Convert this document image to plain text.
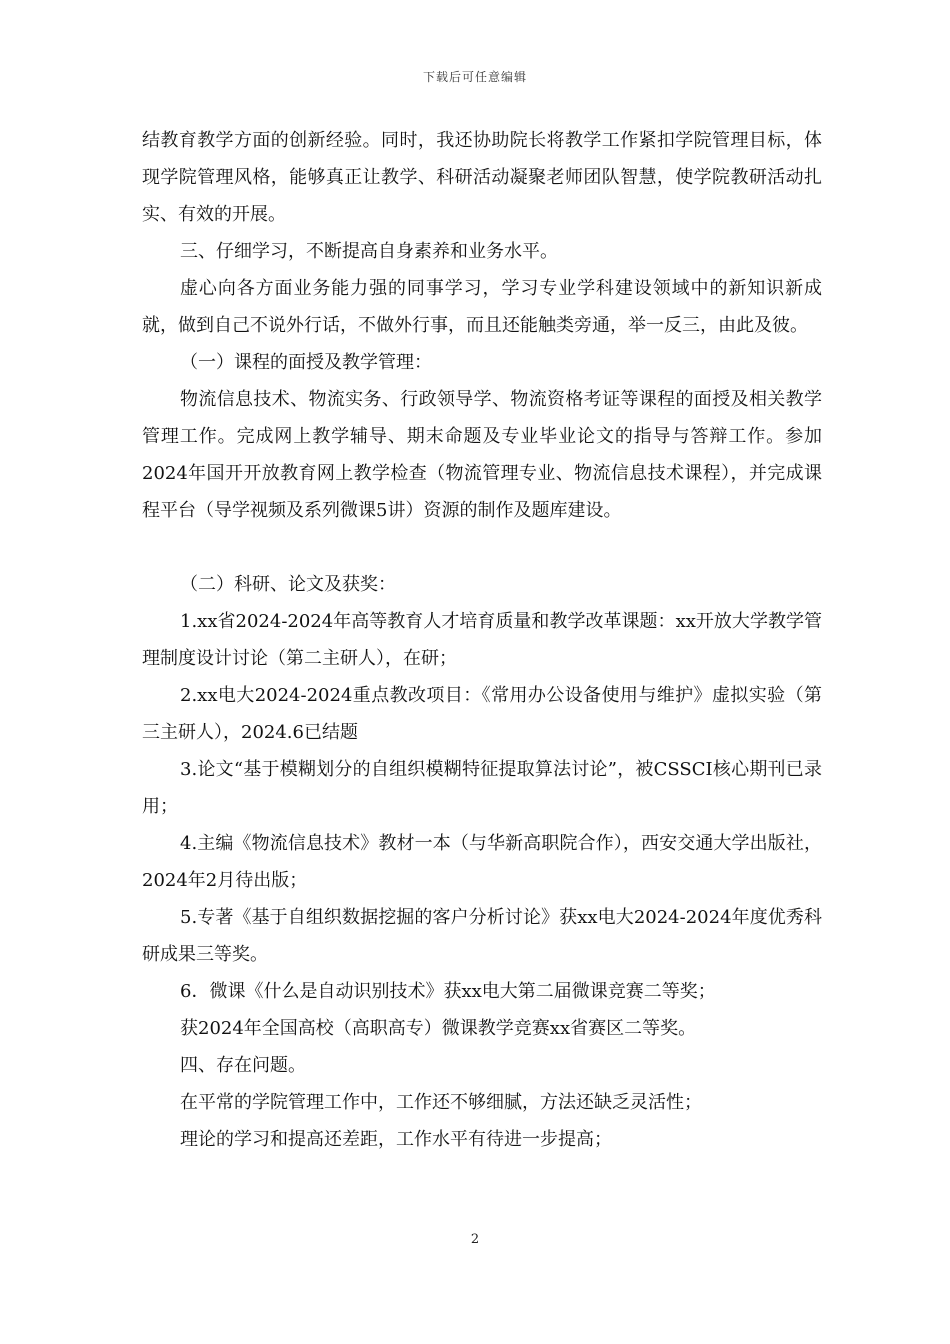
下载后可任意编辑

结教育教学方面的创新经验。同时，我还协助院长将教学工作紧扣学院管理目标，体现学院管理风格，能够真正让教学、科研活动凝聚老师团队智慧，使学院教研活动扎实、有效的开展。

三、仔细学习，不断提高自身素养和业务水平。

虚心向各方面业务能力强的同事学习，学习专业学科建设领域中的新知识新成就，做到自己不说外行话，不做外行事，而且还能触类旁通，举一反三，由此及彼。

（一）课程的面授及教学管理：

物流信息技术、物流实务、行政领导学、物流资格考证等课程的面授及相关教学管理工作。完成网上教学辅导、期末命题及专业毕业论文的指导与答辩工作。参加2024年国开开放教育网上教学检查（物流管理专业、物流信息技术课程），并完成课程平台（导学视频及系列微课5讲）资源的制作及题库建设。

（二）科研、论文及获奖：

1.xx省2024-2024年高等教育人才培育质量和教学改革课题：xx开放大学教学管理制度设计讨论（第二主研人），在研；

2.xx电大2024-2024重点教改项目：《常用办公设备使用与维护》虚拟实验（第三主研人），2024.6已结题

3.论文“基于模糊划分的自组织模糊特征提取算法讨论”，被CSSCI核心期刊已录用；

4.主编《物流信息技术》教材一本（与华新高职院合作），西安交通大学出版社，2024年2月待出版；

5.专著《基于自组织数据挖掘的客户分析讨论》获xx电大2024-2024年度优秀科研成果三等奖。

6．微课《什么是自动识别技术》获xx电大第二届微课竞赛二等奖；

获2024年全国高校（高职高专）微课教学竞赛xx省赛区二等奖。

四、存在问题。

在平常的学院管理工作中，工作还不够细腻，方法还缺乏灵活性；

理论的学习和提高还差距，工作水平有待进一步提高；

2
